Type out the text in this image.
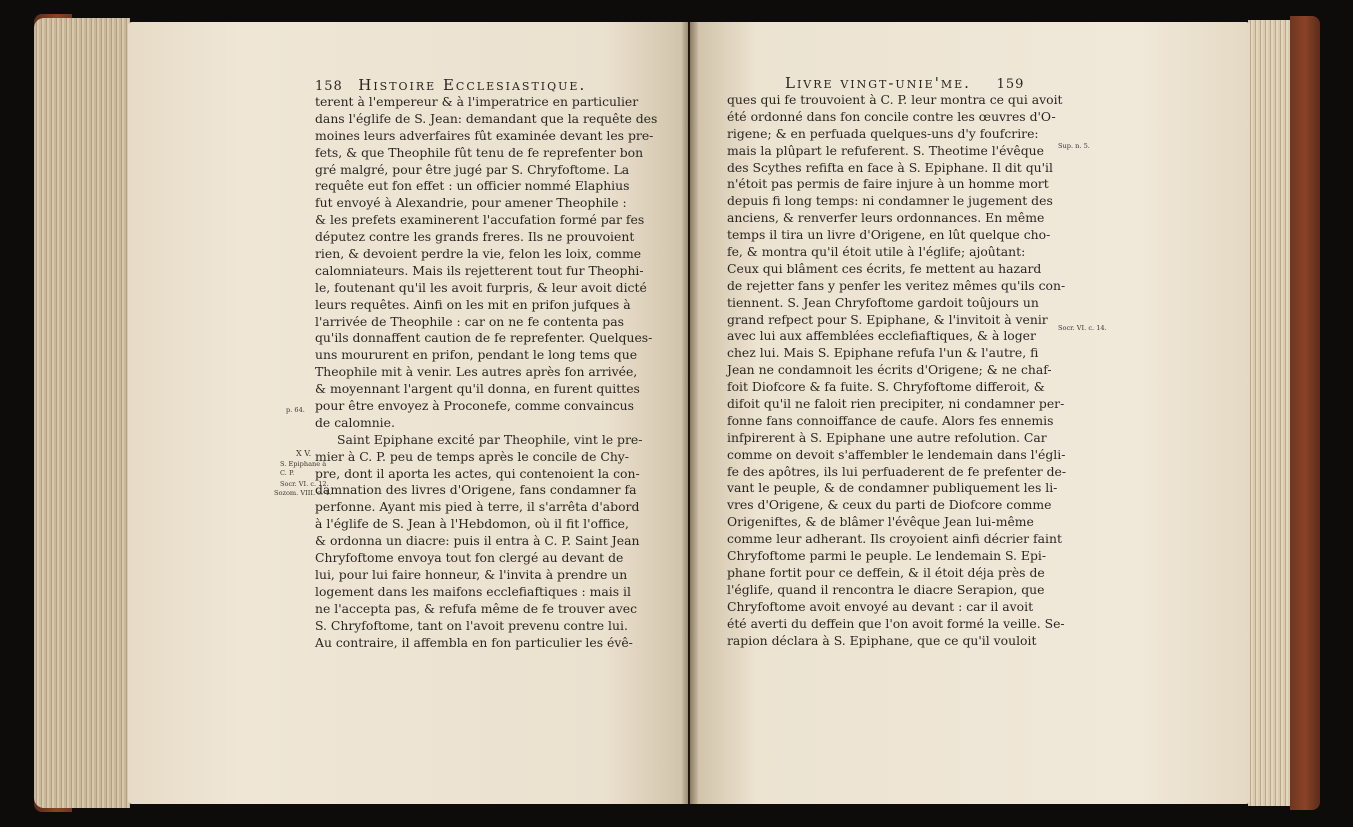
158 Histoire Ecclesiastique.
terent à l'empereur & à l'imperatrice en particulier
dans l'églife de S. Jean: demandant que la requête des
moines leurs adverfaires fût examinée devant les pre-
fets, & que Theophile fût tenu de fe reprefenter bon
gré malgré, pour être jugé par S. Chryfoftome. La
requête eut fon effet : un officier nommé Elaphius
fut envoyé à Alexandrie, pour amener Theophile :
& les prefets examinerent l'accufation formé par fes
députez contre les grands freres. Ils ne prouvoient
rien, & devoient perdre la vie, felon les loix, comme
calomniateurs. Mais ils rejetterent tout fur Theophi-
le, foutenant qu'il les avoit furpris, & leur avoit dicté
leurs requêtes. Ainfi on les mit en prifon jufques à
l'arrivée de Theophile : car on ne fe contenta pas
qu'ils donnaffent caution de fe reprefenter. Quelques-
uns moururent en prifon, pendant le long tems que
Theophile mit à venir. Les autres après fon arrivée,
& moyennant l'argent qu'il donna, en furent quittes
pour être envoyez à Proconefe, comme convaincus
de calomnie.
Saint Epiphane excité par Theophile, vint le pre-
mier à C. P. peu de temps après le concile de Chy-
pre, dont il aporta les actes, qui contenoient la con-
damnation des livres d'Origene, fans condamner fa
perfonne. Ayant mis pied à terre, il s'arrêta d'abord
à l'églife de S. Jean à l'Hebdomon, où il fit l'office,
& ordonna un diacre: puis il entra à C. P. Saint Jean
Chryfoftome envoya tout fon clergé au devant de
lui, pour lui faire honneur, & l'invita à prendre un
logement dans les maifons ecclefiaftiques : mais il
ne l'accepta pas, & refufa même de fe trouver avec
S. Chryfoftome, tant on l'avoit prevenu contre lui.
Au contraire, il affembla en fon particulier les évê-
p. 64.
X V.
S. Epiphane à
C. P.
Socr. VI. c. 12.
Sozom. VIII. c. 4.
Livre vingt-unie'me. 159
ques qui fe trouvoient à C. P. leur montra ce qui avoit
été ordonné dans fon concile contre les œuvres d'O-
rigene; & en perfuada quelques-uns d'y foufcrire:
mais la plûpart le refuferent. S. Theotime l'évêque
des Scythes refifta en face à S. Epiphane. Il dit qu'il
n'étoit pas permis de faire injure à un homme mort
depuis fi long temps: ni condamner le jugement des
anciens, & renverfer leurs ordonnances. En même
temps il tira un livre d'Origene, en lût quelque cho-
fe, & montra qu'il étoit utile à l'églife; ajoûtant:
Ceux qui blâment ces écrits, fe mettent au hazard
de rejetter fans y penfer les veritez mêmes qu'ils con-
tiennent. S. Jean Chryfoftome gardoit toûjours un
grand refpect pour S. Epiphane, & l'invitoit à venir
avec lui aux affemblées ecclefiaftiques, & à loger
chez lui. Mais S. Epiphane refufa l'un & l'autre, fi
Jean ne condamnoit les écrits d'Origene; & ne chaf-
foit Diofcore & fa fuite. S. Chryfoftome differoit, &
difoit qu'il ne faloit rien precipiter, ni condamner per-
fonne fans connoiffance de caufe. Alors fes ennemis
infpirerent à S. Epiphane une autre refolution. Car
comme on devoit s'affembler le lendemain dans l'égli-
fe des apôtres, ils lui perfuaderent de fe prefenter de-
vant le peuple, & de condamner publiquement les li-
vres d'Origene, & ceux du parti de Diofcore comme
Origeniftes, & de blâmer l'évêque Jean lui-même
comme leur adherant. Ils croyoient ainfi décrier faint
Chryfoftome parmi le peuple. Le lendemain S. Epi-
phane fortit pour ce deffein, & il étoit déja près de
l'églife, quand il rencontra le diacre Serapion, que
Chryfoftome avoit envoyé au devant : car il avoit
été averti du deffein que l'on avoit formé la veille. Se-
rapion déclara à S. Epiphane, que ce qu'il vouloit
Sup. n. 5.
Socr. VI. c. 14.
